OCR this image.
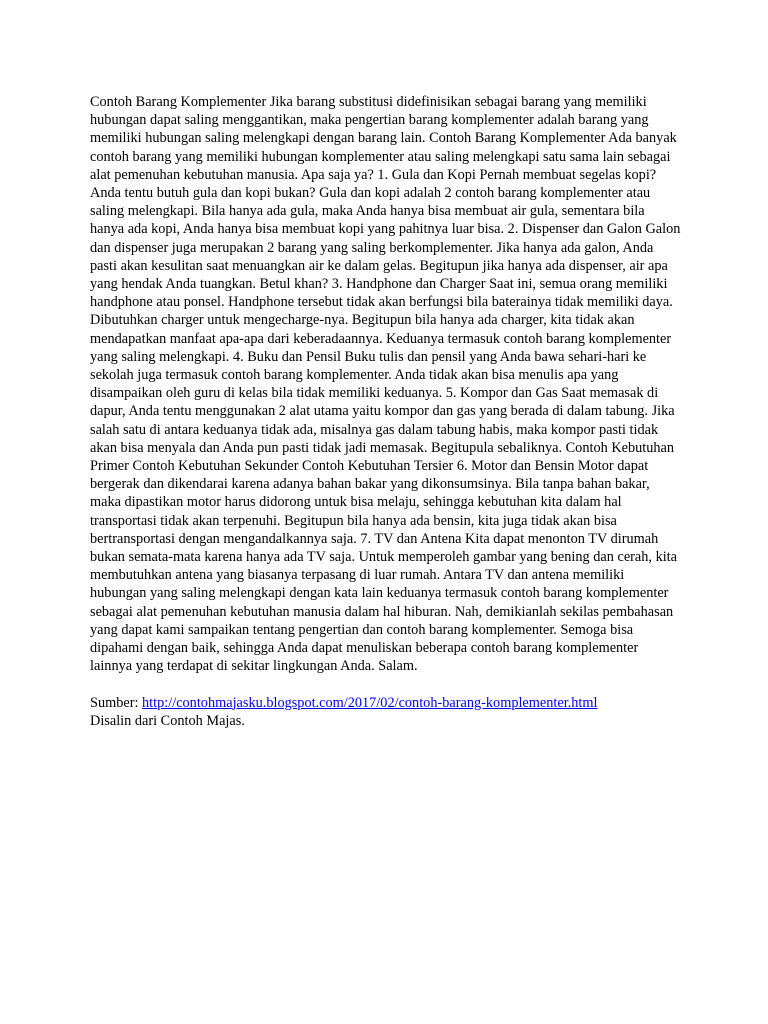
Contoh Barang Komplementer Jika barang substitusi didefinisikan sebagai barang yang memiliki hubungan dapat saling menggantikan, maka pengertian barang komplementer adalah barang yang memiliki hubungan saling melengkapi dengan barang lain. Contoh Barang Komplementer Ada banyak contoh barang yang memiliki hubungan komplementer atau saling melengkapi satu sama lain sebagai alat pemenuhan kebutuhan manusia. Apa saja ya? 1. Gula dan Kopi Pernah membuat segelas kopi? Anda tentu butuh gula dan kopi bukan? Gula dan kopi adalah 2 contoh barang komplementer atau saling melengkapi. Bila hanya ada gula, maka Anda hanya bisa membuat air gula, sementara bila hanya ada kopi, Anda hanya bisa membuat kopi yang pahitnya luar bisa. 2. Dispenser dan Galon Galon dan dispenser juga merupakan 2 barang yang saling berkomplementer. Jika hanya ada galon, Anda pasti akan kesulitan saat menuangkan air ke dalam gelas. Begitupun jika hanya ada dispenser, air apa yang hendak Anda tuangkan. Betul khan? 3. Handphone dan Charger Saat ini, semua orang memiliki handphone atau ponsel. Handphone tersebut tidak akan berfungsi bila baterainya tidak memiliki daya. Dibutuhkan charger untuk mengecharge-nya. Begitupun bila hanya ada charger, kita tidak akan mendapatkan manfaat apa-apa dari keberadaannya. Keduanya termasuk contoh barang komplementer yang saling melengkapi. 4. Buku dan Pensil Buku tulis dan pensil yang Anda bawa sehari-hari ke sekolah juga termasuk contoh barang komplementer. Anda tidak akan bisa menulis apa yang disampaikan oleh guru di kelas bila tidak memiliki keduanya. 5. Kompor dan Gas Saat memasak di dapur, Anda tentu menggunakan 2 alat utama yaitu kompor dan gas yang berada di dalam tabung. Jika salah satu di antara keduanya tidak ada, misalnya gas dalam tabung habis, maka kompor pasti tidak akan bisa menyala dan Anda pun pasti tidak jadi memasak. Begitupula sebaliknya. Contoh Kebutuhan Primer Contoh Kebutuhan Sekunder Contoh Kebutuhan Tersier 6. Motor dan Bensin Motor dapat bergerak dan dikendarai karena adanya bahan bakar yang dikonsumsinya. Bila tanpa bahan bakar, maka dipastikan motor harus didorong untuk bisa melaju, sehingga kebutuhan kita dalam hal transportasi tidak akan terpenuhi. Begitupun bila hanya ada bensin, kita juga tidak akan bisa bertransportasi dengan mengandalkannya saja. 7. TV dan Antena Kita dapat menonton TV dirumah bukan semata-mata karena hanya ada TV saja. Untuk memperoleh gambar yang bening dan cerah, kita membutuhkan antena yang biasanya terpasang di luar rumah. Antara TV dan antena memiliki hubungan yang saling melengkapi dengan kata lain keduanya termasuk contoh barang komplementer sebagai alat pemenuhan kebutuhan manusia dalam hal hiburan. Nah, demikianlah sekilas pembahasan yang dapat kami sampaikan tentang pengertian dan contoh barang komplementer. Semoga bisa dipahami dengan baik, sehingga Anda dapat menuliskan beberapa contoh barang komplementer lainnya yang terdapat di sekitar lingkungan Anda. Salam.

Sumber: http://contohmajasku.blogspot.com/2017/02/contoh-barang-komplementer.html
Disalin dari Contoh Majas.
